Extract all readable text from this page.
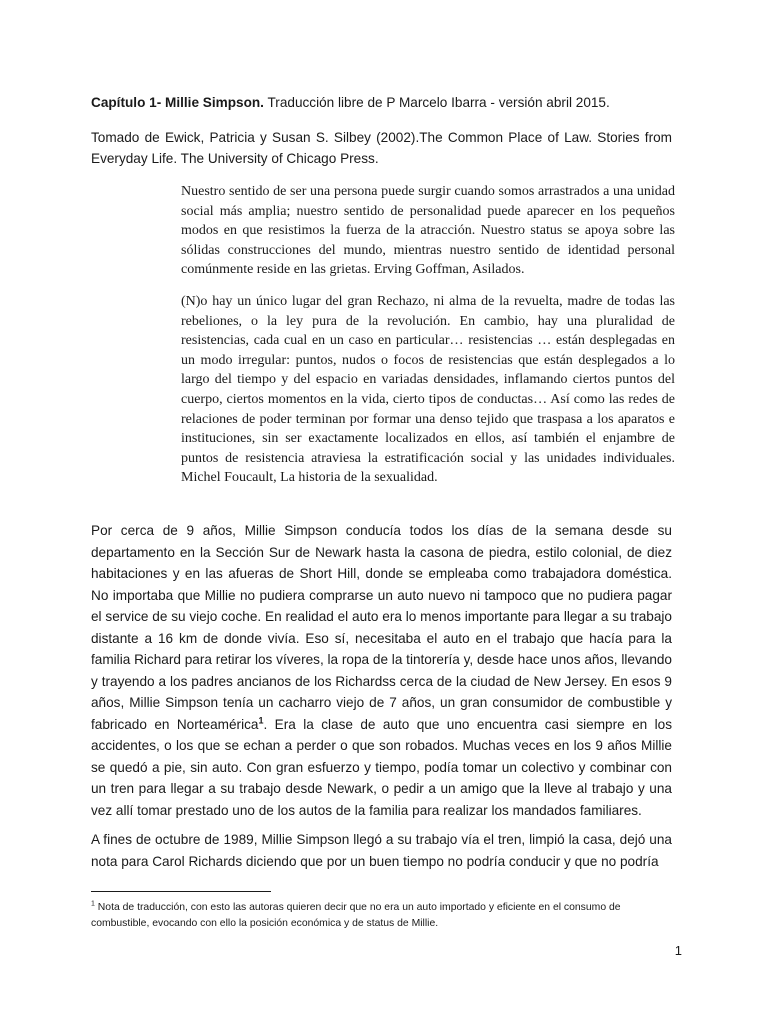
Capítulo 1- Millie Simpson. Traducción libre de P Marcelo Ibarra - versión abril 2015.

Tomado de Ewick, Patricia y Susan S. Silbey (2002).The Common Place of Law. Stories from Everyday Life. The University of Chicago Press.

Nuestro sentido de ser una persona puede surgir cuando somos arrastrados a una unidad social más amplia; nuestro sentido de personalidad puede aparecer en los pequeños modos en que resistimos la fuerza de la atracción. Nuestro status se apoya sobre las sólidas construcciones del mundo, mientras nuestro sentido de identidad personal comúnmente reside en las grietas. Erving Goffman, Asilados.

(N)o hay un único lugar del gran Rechazo, ni alma de la revuelta, madre de todas las rebeliones, o la ley pura de la revolución. En cambio, hay una pluralidad de resistencias, cada cual en un caso en particular… resistencias … están desplegadas en un modo irregular: puntos, nudos o focos de resistencias que están desplegados a lo largo del tiempo y del espacio en variadas densidades, inflamando ciertos puntos del cuerpo, ciertos momentos en la vida, cierto tipos de conductas… Así como las redes de relaciones de poder terminan por formar una denso tejido que traspasa a los aparatos e instituciones, sin ser exactamente localizados en ellos, así también el enjambre de puntos de resistencia atraviesa la estratificación social y las unidades individuales. Michel Foucault, La historia de la sexualidad.

Por cerca de 9 años, Millie Simpson conducía todos los días de la semana desde su departamento en la Sección Sur de Newark hasta la casona de piedra, estilo colonial, de diez habitaciones y en las afueras de Short Hill, donde se empleaba como trabajadora doméstica. No importaba que Millie no pudiera comprarse un auto nuevo ni tampoco que no pudiera pagar el service de su viejo coche. En realidad el auto era lo menos importante para llegar a su trabajo distante a 16 km de donde vivía. Eso sí, necesitaba el auto en el trabajo que hacía para la familia Richard para retirar los víveres, la ropa de la tintorería y, desde hace unos años, llevando y trayendo a los padres ancianos de los Richardss cerca de la ciudad de New Jersey. En esos 9 años, Millie Simpson tenía un cacharro viejo de 7 años, un gran consumidor de combustible y fabricado en Norteamérica$^1$. Era la clase de auto que uno encuentra casi siempre en los accidentes, o los que se echan a perder o que son robados. Muchas veces en los 9 años Millie se quedó a pie, sin auto. Con gran esfuerzo y tiempo, podía tomar un colectivo y combinar con un tren para llegar a su trabajo desde Newark, o pedir a un amigo que la lleve al trabajo y una vez allí tomar prestado uno de los autos de la familia para realizar los mandados familiares.

A fines de octubre de 1989, Millie Simpson llegó a su trabajo vía el tren, limpió la casa, dejó una nota para Carol Richards diciendo que por un buen tiempo no podría conducir y que no podría

$^1$ Nota de traducción, con esto las autoras quieren decir que no era un auto importado y eficiente en el consumo de combustible, evocando con ello la posición económica y de status de Millie.

1
